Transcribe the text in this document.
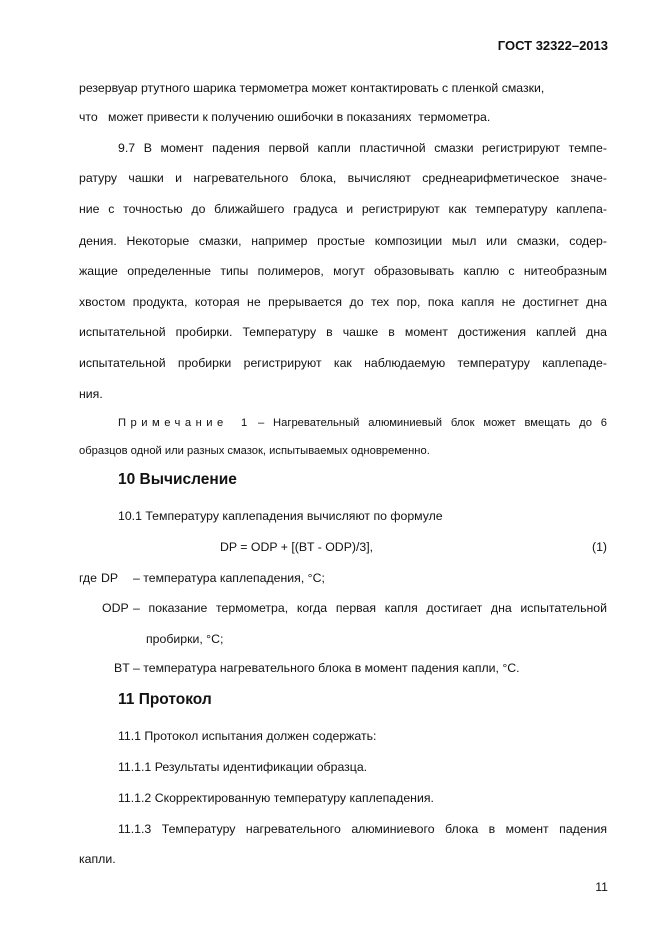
ГОСТ 32322–2013
резервуар ртутного шарика термометра может контактировать с пленкой смазки,
что   может привести к получению ошибочки в показаниях  термометра.
9.7 В момент падения первой капли пластичной смазки регистрируют темпе-
ратуру чашки и нагревательного блока, вычисляют среднеарифметическое значе-
ние с точностью до ближайшего градуса и регистрируют как температуру каплепа-
дения. Некоторые смазки, например простые композиции мыл или смазки, содер-
жащие определенные типы полимеров, могут образовывать каплю с нитеобразным
хвостом продукта, которая не прерывается до тех пор, пока капля не достигнет дна
испытательной пробирки. Температуру в чашке в момент достижения каплей дна
испытательной пробирки регистрируют как наблюдаемую температуру каплепаде-
ния.
Примечание 1 – Нагревательный алюминиевый блок может вмещать до 6
образцов одной или разных смазок, испытываемых одновременно.
10 Вычисление
10.1 Температуру каплепадения вычисляют по формуле
DP = ODP + [(BT - ODP)/3],	(1)
где DP – температура каплепадения, °С;
ODP – показание термометра, когда первая капля достигает дна испытательной
пробирки, °С;
BT – температура нагревательного блока в момент падения капли, °С.
11 Протокол
11.1 Протокол испытания должен содержать:
11.1.1 Результаты идентификации образца.
11.1.2 Скорректированную температуру каплепадения.
11.1.3 Температуру нагревательного алюминиевого блока в момент падения
капли.
11
